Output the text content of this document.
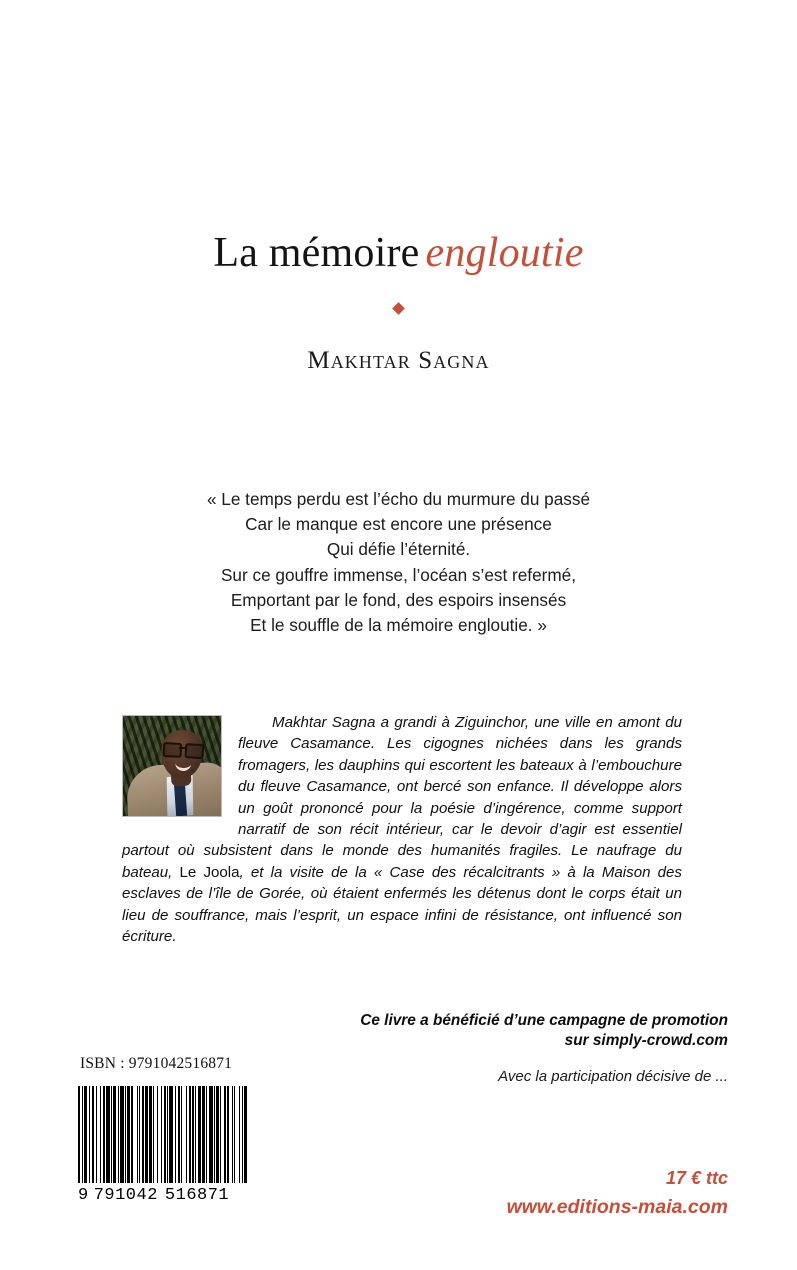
La mémoire engloutie
Makhtar Sagna
« Le temps perdu est l’écho du murmure du passé
Car le manque est encore une présence
Qui défie l’éternité.
Sur ce gouffre immense, l’océan s’est refermé,
Emportant par le fond, des espoirs insensés
Et le souffle de la mémoire engloutie. »
Makhtar Sagna a grandi à Ziguinchor, une ville en amont du fleuve Casamance. Les cigognes nichées dans les grands fromagers, les dauphins qui escortent les bateaux à l’embouchure du fleuve Casamance, ont bercé son enfance. Il développe alors un goût prononcé pour la poésie d’ingérence, comme support narratif de son récit intérieur, car le devoir d’agir est essentiel partout où subsistent dans le monde des humanités fragiles. Le naufrage du bateau, Le Joola, et la visite de la « Case des récalcitrants » à la Maison des esclaves de l’île de Gorée, où étaient enfermés les détenus dont le corps était un lieu de souffrance, mais l’esprit, un espace infini de résistance, ont influencé son écriture.
Ce livre a bénéficié d’une campagne de promotion
sur simply-crowd.com
Avec la participation décisive de ...
17 € ttc
www.editions-maia.com
ISBN : 9791042516871
9 791042 516871
